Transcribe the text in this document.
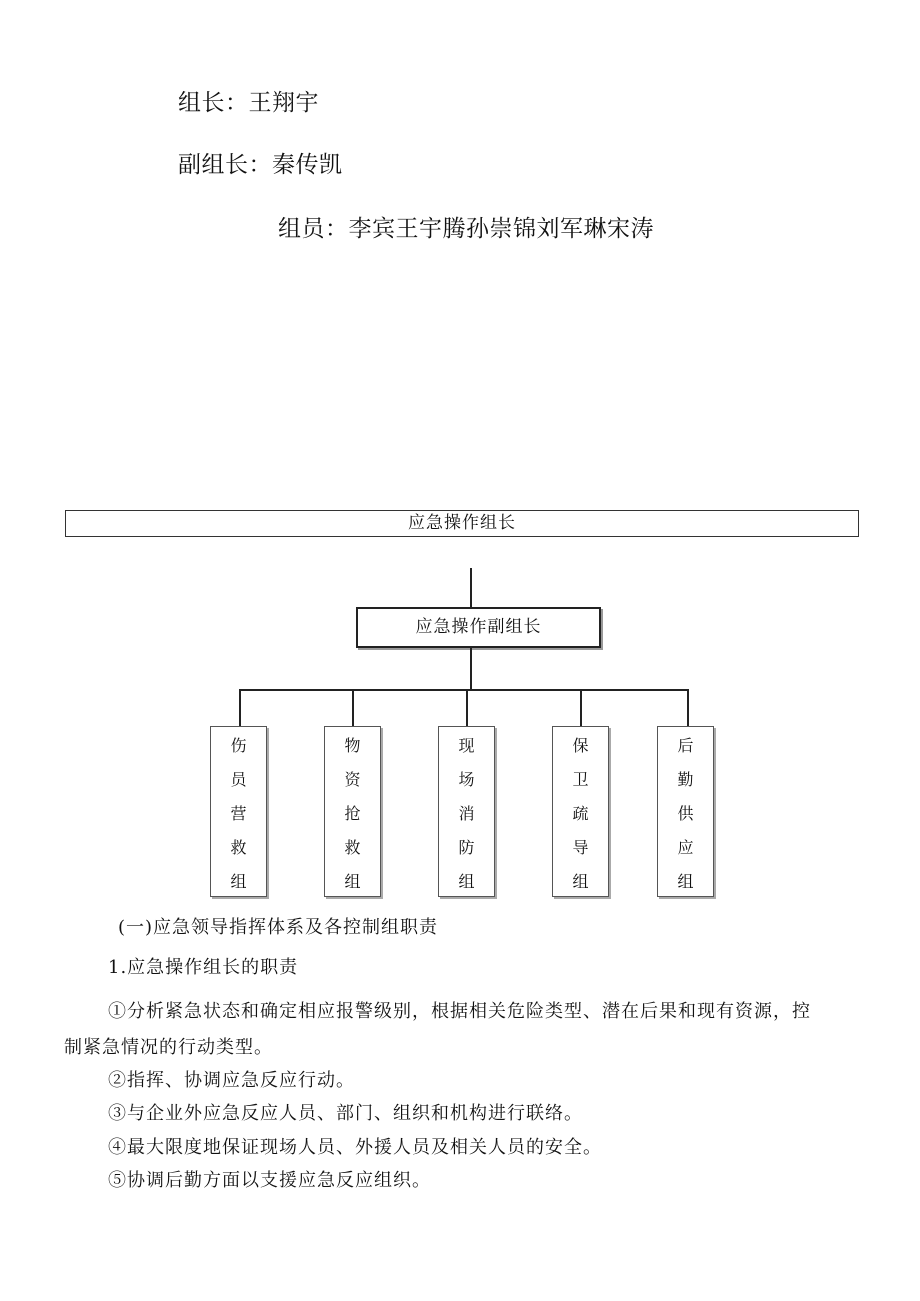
组长：王翔宇
副组长：秦传凯
组员：李宾王宇腾孙崇锦刘军琳宋涛
应急操作组长
应急操作副组长
伤
员
营
救
组
物
资
抢
救
组
现
场
消
防
组
保
卫
疏
导
组
后
勤
供
应
组
(一)应急领导指挥体系及各控制组职责
1.应急操作组长的职责
①分析紧急状态和确定相应报警级别，根据相关危险类型、潜在后果和现有资源，控
制紧急情况的行动类型。
②指挥、协调应急反应行动。
③与企业外应急反应人员、部门、组织和机构进行联络。
④最大限度地保证现场人员、外援人员及相关人员的安全。
⑤协调后勤方面以支援应急反应组织。
